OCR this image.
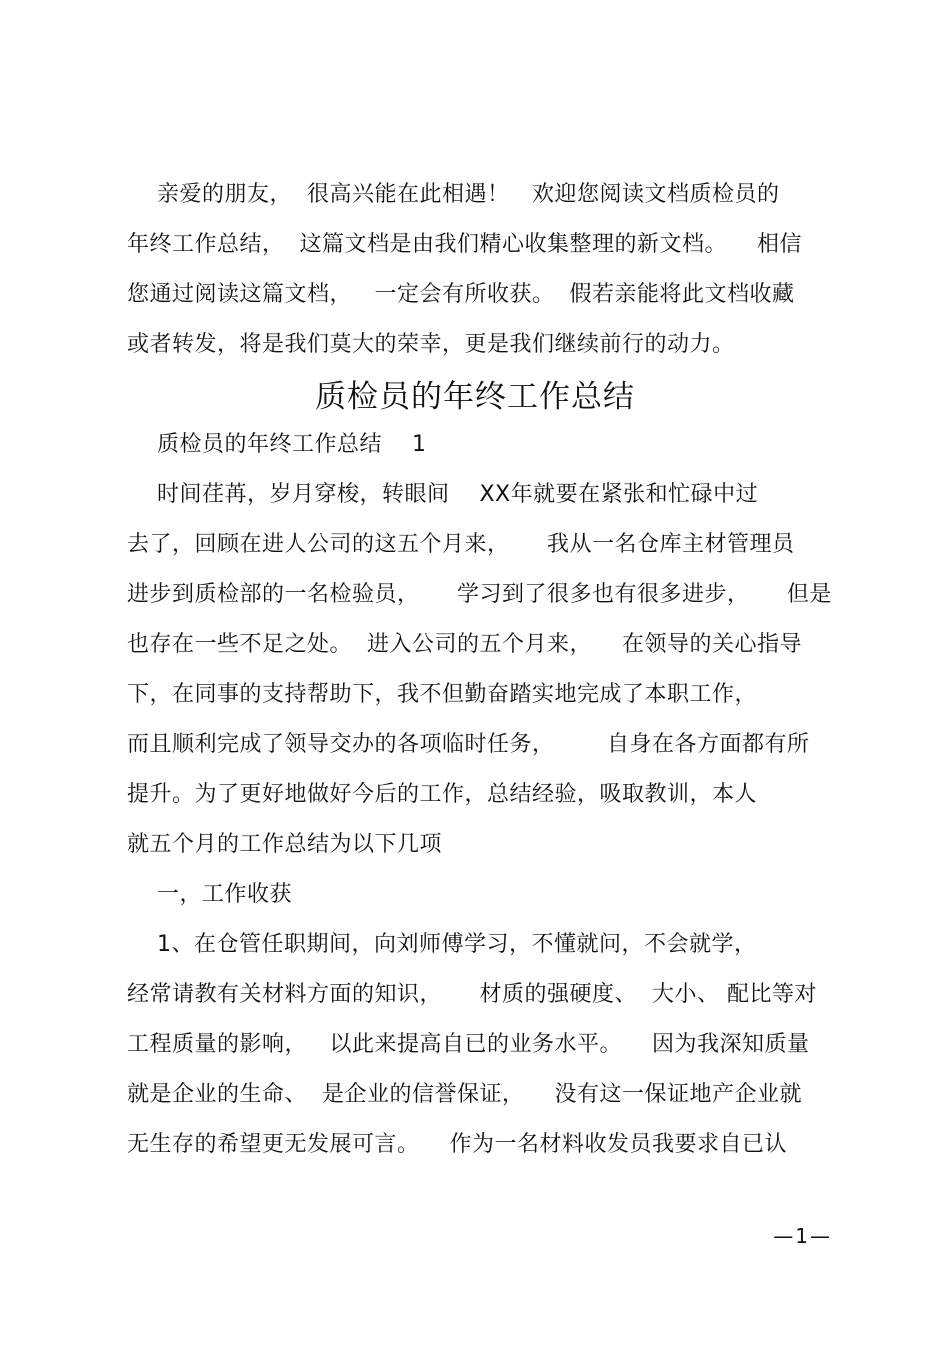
亲爱的朋友，  很高兴能在此相遇！   欢迎您阅读文档质检员的
年终工作总结，  这篇文档是由我们精心收集整理的新文档。    相信
您通过阅读这篇文档，   一定会有所收获。  假若亲能将此文档收藏
或者转发，将是我们莫大的荣幸，更是我们继续前行的动力。
质检员的年终工作总结
质检员的年终工作总结    1
时间荏苒，岁月穿梭，转眼间    XX年就要在紧张和忙碌中过
去了，回顾在进人公司的这五个月来，     我从一名仓库主材管理员
进步到质检部的一名检验员，     学习到了很多也有很多进步，     但是
也存在一些不足之处。  进入公司的五个月来，    在领导的关心指导
下，在同事的支持帮助下，我不但勤奋踏实地完成了本职工作，
而且顺利完成了领导交办的各项临时任务，       自身在各方面都有所
提升。为了更好地做好今后的工作，总结经验，吸取教训，本人
就五个月的工作总结为以下几项
一，工作收获
1、在仓管任职期间，向刘师傅学习，不懂就问，不会就学，
经常请教有关材料方面的知识，     材质的强硬度、  大小、 配比等对
工程质量的影响，   以此来提高自已的业务水平。    因为我深知质量
就是企业的生命、  是企业的信誉保证，    没有这一保证地产企业就
无生存的希望更无发展可言。    作为一名材料收发员我要求自已认
—1—
